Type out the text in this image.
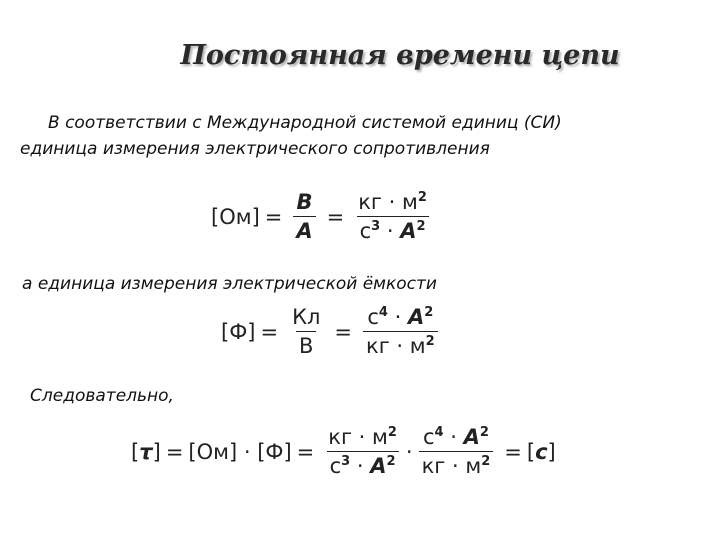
Постоянная времени цепи
В соответствии с Международной системой единиц (СИ)
единица измерения электрического сопротивления
$[Ом] = \frac{B}{A} = \frac{кг \cdot м^2}{с^3 \cdot A^2}$
а единица измерения электрической ёмкости
$[Ф] = \frac{Кл}{В} = \frac{с^4 \cdot A^2}{кг \cdot м^2}$
Следовательно,
$[\tau] = [Ом] \cdot [Ф] = \frac{кг \cdot м^2}{с^3 \cdot A^2} \cdot \frac{с^4 \cdot A^2}{кг \cdot м^2} = [c]$
